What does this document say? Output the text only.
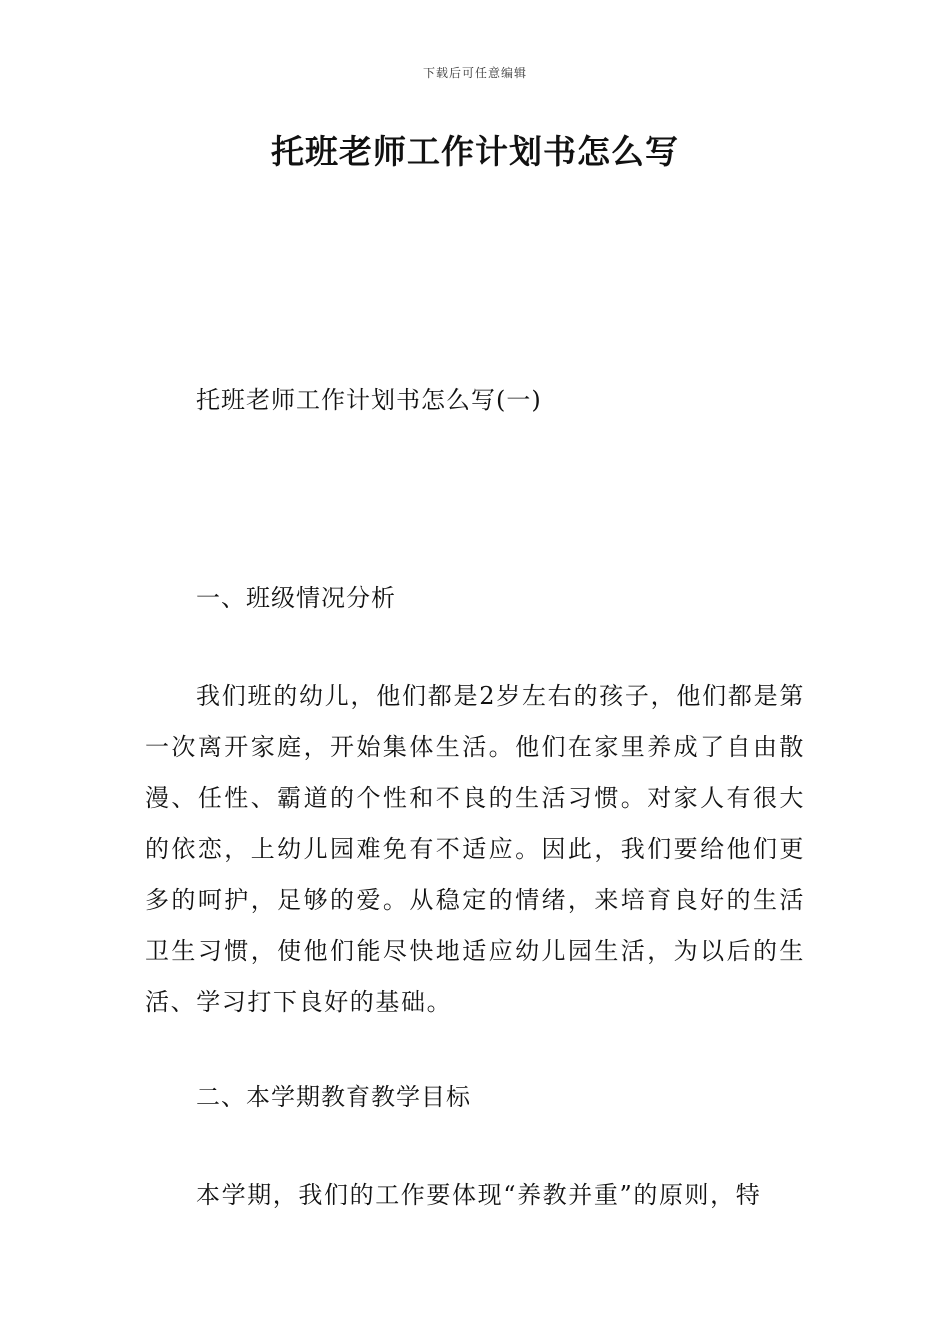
下载后可任意编辑
托班老师工作计划书怎么写
托班老师工作计划书怎么写(一)
一、班级情况分析
我们班的幼儿，他们都是2岁左右的孩子，他们都是第一次离开家庭，开始集体生活。他们在家里养成了自由散漫、任性、霸道的个性和不良的生活习惯。对家人有很大的依恋，上幼儿园难免有不适应。因此，我们要给他们更多的呵护，足够的爱。从稳定的情绪，来培育良好的生活卫生习惯，使他们能尽快地适应幼儿园生活，为以后的生活、学习打下良好的基础。
二、本学期教育教学目标
本学期，我们的工作要体现“养教并重”的原则，特
